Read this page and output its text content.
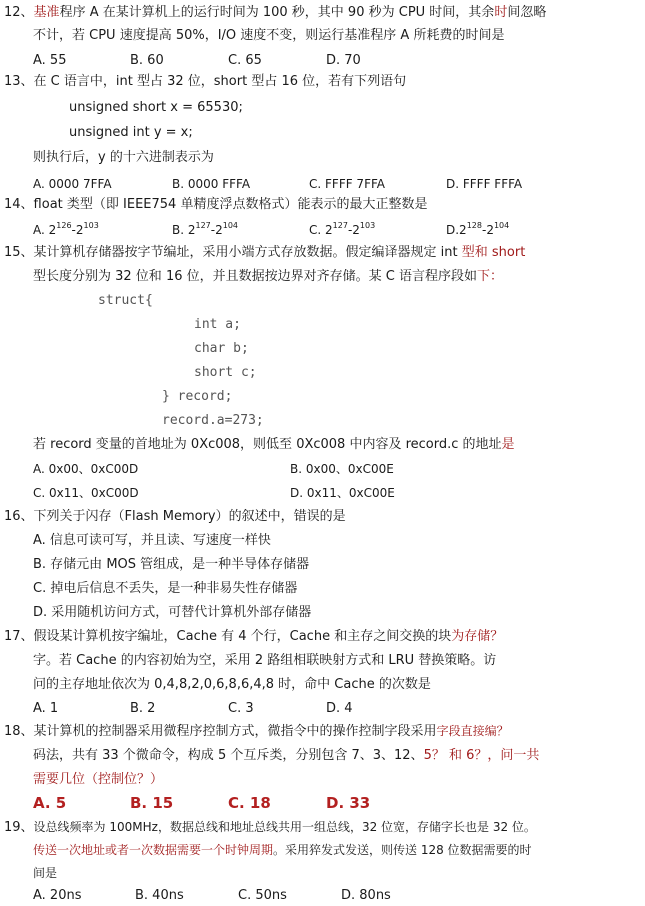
12、基准程序 A 在某计算机上的运行时间为 100 秒，其中 90 秒为 CPU 时间，其余时间忽略
不计，若 CPU 速度提高 50%，I/O 速度不变，则运行基准程序 A 所耗费的时间是
A. 55	B. 60	C. 65	D. 70
13、在 C 语言中，int 型占 32 位，short 型占 16 位，若有下列语句
unsigned short x = 65530;
unsigned int y = x;
则执行后，y 的十六进制表示为
A. 0000 7FFA	B. 0000 FFFA	C. FFFF 7FFA	D. FFFF FFFA
14、float 类型（即 IEEE754 单精度浮点数格式）能表示的最大正整数是
A. $2^{126}-2^{103}$	B. $2^{127}-2^{104}$	C. $2^{127}-2^{103}$	$D.2^{128}-2^{104}$
15、某计算机存储器按字节编址，采用小端方式存放数据。假定编译器规定 int 型和 short
型长度分别为 32 位和 16 位，并且数据按边界对齐存储。某 C 语言程序段如下：
struct{
int a;
char b;
short c;
} record;
record.a=273;
若 record 变量的首地址为 0Xc008，则低至 0Xc008 中内容及 record.c 的地址是
A. 0x00、0xC00D	B. 0x00、0xC00E
C. 0x11、0xC00D	D. 0x11、0xC00E
16、下列关于闪存（Flash Memory）的叙述中，错误的是
A. 信息可读可写，并且读、写速度一样快
B. 存储元由 MOS 管组成，是一种半导体存储器
C. 掉电后信息不丢失，是一种非易失性存储器
D. 采用随机访问方式，可替代计算机外部存储器
17、假设某计算机按字编址，Cache 有 4 个行，Cache 和主存之间交换的块为存储？
字。若 Cache 的内容初始为空，采用 2 路组相联映射方式和 LRU 替换策略。访
问的主存地址依次为 0,4,8,2,0,6,8,6,4,8 时，命中 Cache 的次数是
A. 1	B. 2	C. 3	D. 4
18、某计算机的控制器采用微程序控制方式，微指令中的操作控制字段采用字段直接编？
码法，共有 33 个微命令，构成 5 个互斥类，分别包含 7、3、12、5？ 和 6？，问一共
需要几位（控制位？）
A. 5	B. 15	C. 18	D. 33
19、设总线频率为 100MHz，数据总线和地址总线共用一组总线，32 位宽，存储字长也是 32 位。
传送一次地址或者一次数据需要一个时钟周期。采用猝发式发送，则传送 128 位数据需要的时
间是
A. 20ns	B. 40ns	C. 50ns	D. 80ns
